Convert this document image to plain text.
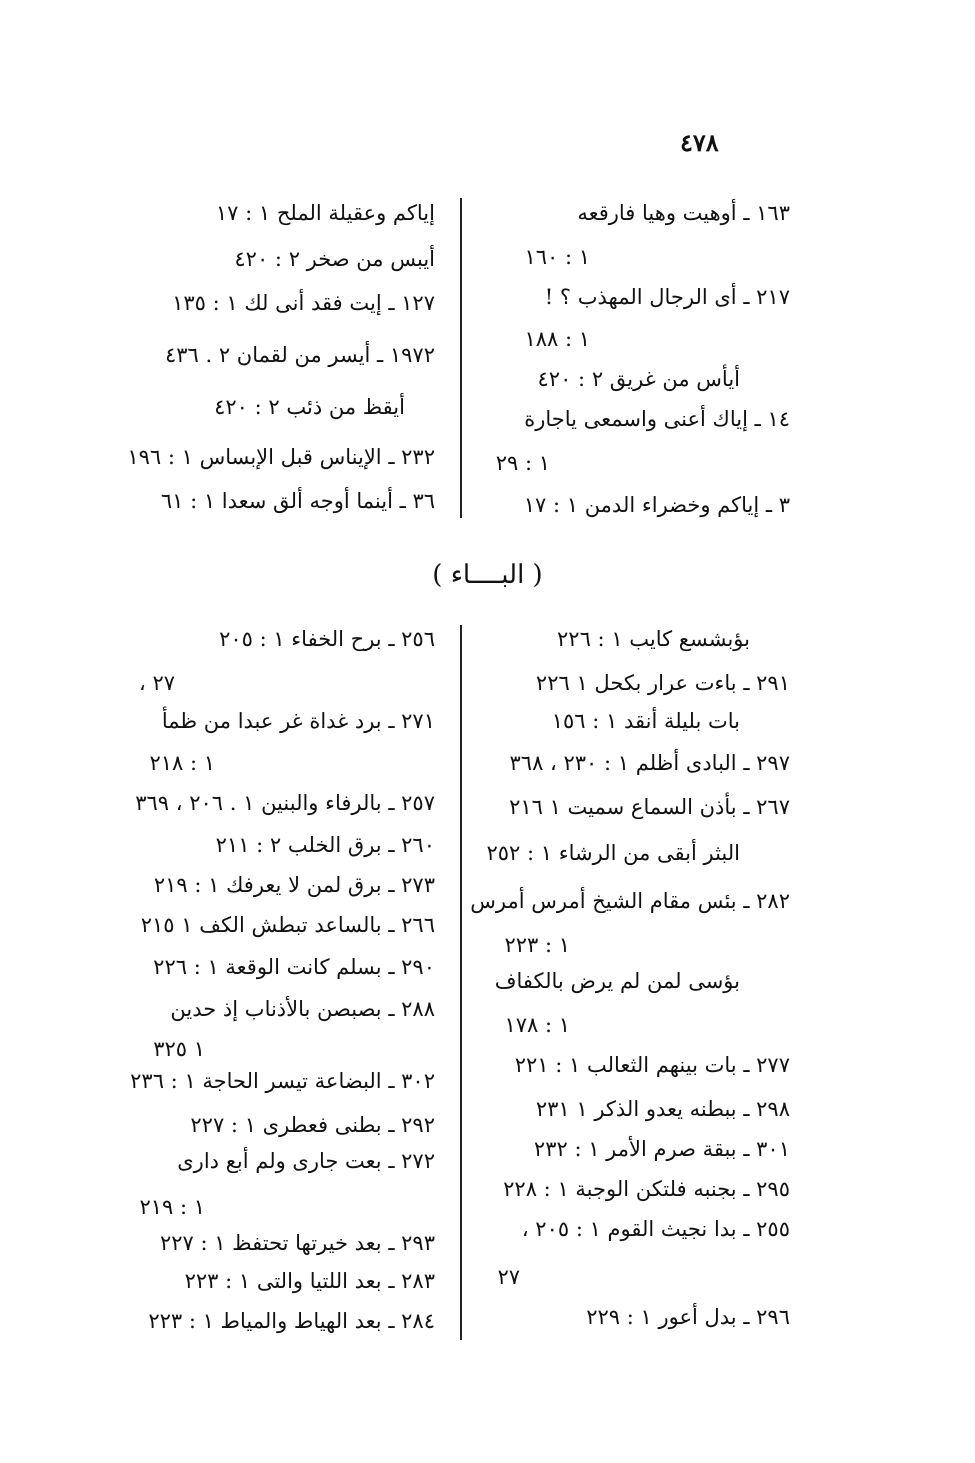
٤٧٨
١٦٣ ـ أوهيت وهيا فارقعه
١ : ١٦٠
٢١٧ ـ أى الرجال المهذب ؟ !
١ : ١٨٨
أيأس من غريق ٢ : ٤٢٠
١٤ ـ إياك أعنى واسمعى ياجارة
١ : ٢٩
٣ ـ إياكم وخضراء الدمن ١ : ١٧
إياكم وعقيلة الملح ١ : ١٧
أيبس من صخر ٢ : ٤٢٠
١٢٧ ـ إيت فقد أنى لك ١ : ١٣٥
١٩٧٢ ـ أيسر من لقمان ٢ . ٤٣٦
أيقظ من ذئب ٢ : ٤٢٠
٢٣٢ ـ الإيناس قبل الإبساس ١ : ١٩٦
٣٦ ـ أينما أوجه ألق سعدا ١ : ٦١
( البــــاء )
بؤبشسع كايب ١ : ٢٢٦
٢٩١ ـ باءت عرار بكحل ١ ٢٢٦
بات بليلة أنقد ١ : ١٥٦
٢٩٧ ـ البادى أظلم ١ : ٢٣٠ ، ٣٦٨
٢٦٧ ـ بأذن السماع سميت ١ ٢١٦
البثر أبقى من الرشاء ١ : ٢٥٢
٢٨٢ ـ بئس مقام الشيخ أمرس أمرس
١ : ٢٢٣
بؤسى لمن لم يرض بالكفاف
١ : ١٧٨
٢٧٧ ـ بات بينهم الثعالب ١ : ٢٢١
٢٩٨ ـ ببطنه يعدو الذكر ١ ٢٣١
٣٠١ ـ ببقة صرم الأمر ١ : ٢٣٢
٢٩٥ ـ بجنبه فلتكن الوجبة ١ : ٢٢٨
٢٥٥ ـ بدا نجيث القوم ١ : ٢٠٥ ،
٢٧
٢٩٦ ـ بدل أعور ١ : ٢٢٩
٢٥٦ ـ برح الخفاء ١ : ٢٠٥
٢٧ ،
٢٧١ ـ برد غداة غر عبدا من ظمأ
١ : ٢١٨
٢٥٧ ـ بالرفاء والبنين ١ . ٢٠٦ ، ٣٦٩
٢٦٠ ـ برق الخلب ٢ : ٢١١
٢٧٣ ـ برق لمن لا يعرفك ١ : ٢١٩
٢٦٦ ـ بالساعد تبطش الكف ١ ٢١٥
٢٩٠ ـ بسلم كانت الوقعة ١ : ٢٢٦
٢٨٨ ـ بصبصن بالأذناب إذ حدين
١ ٣٢٥
٣٠٢ ـ البضاعة تيسر الحاجة ١ : ٢٣٦
٢٩٢ ـ بطنى فعطرى ١ : ٢٢٧
٢٧٢ ـ بعت جارى ولم أبع دارى
١ : ٢١٩
٢٩٣ ـ بعد خيرتها تحتفظ ١ : ٢٢٧
٢٨٣ ـ بعد اللتيا والتى ١ : ٢٢٣
٢٨٤ ـ بعد الهياط والمياط ١ : ٢٢٣
